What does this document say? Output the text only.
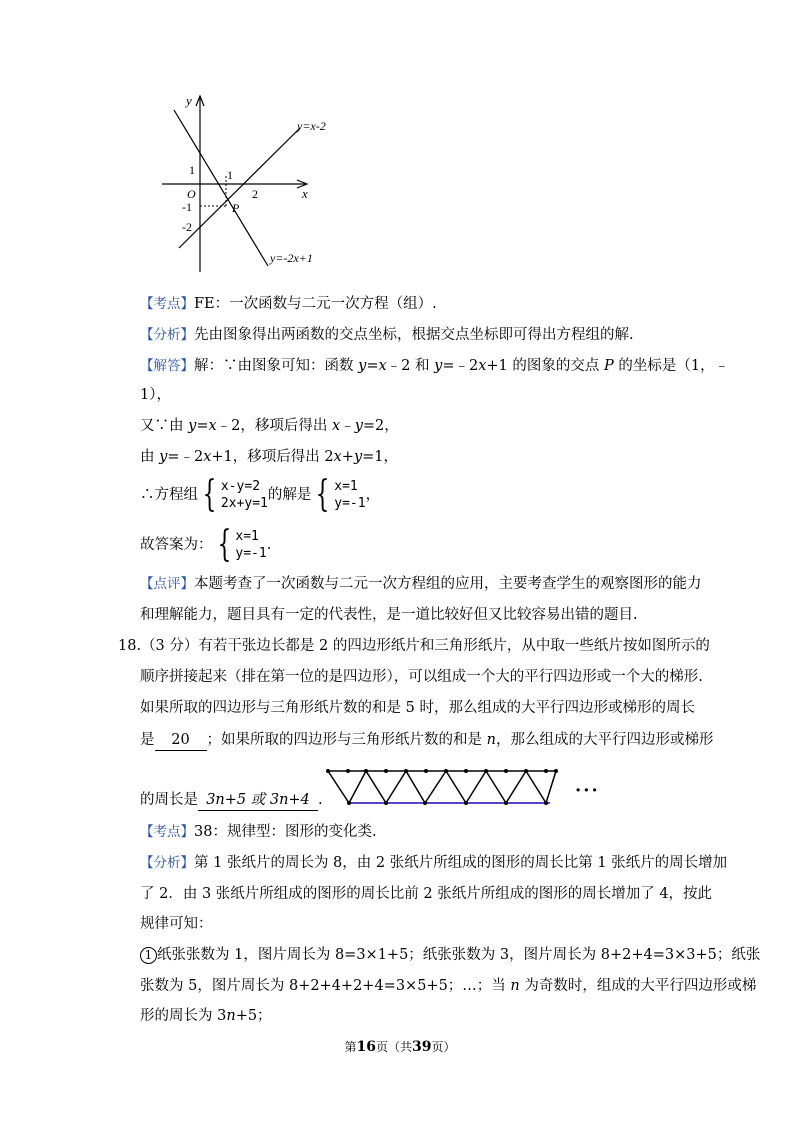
y
x
O
1	1
2
-1
-2
P
y=x-2
y=-2x+1
【考点】FE：一次函数与二元一次方程（组）.
【分析】先由图象得出两函数的交点坐标，根据交点坐标即可得出方程组的解.
【解答】解：∵由图象可知：函数 y=x﹣2 和 y=﹣2x+1 的图象的交点 P 的坐标是（1，﹣
1），
又∵由 y=x﹣2，移项后得出 x﹣y=2，
由 y=﹣2x+1，移项后得出 2x+y=1，
∴方程组 { x-y=2
2x+y=1
的解是 { x=1
y=-1
，
故答案为： { x=1
y=-1
.
【点评】本题考查了一次函数与二元一次方程组的应用，主要考查学生的观察图形的能力
和理解能力，题目具有一定的代表性，是一道比较好但又比较容易出错的题目.
18.（3 分）有若干张边长都是 2 的四边形纸片和三角形纸片，从中取一些纸片按如图所示的
顺序拼接起来（排在第一位的是四边形），可以组成一个大的平行四边形或一个大的梯形.
如果所取的四边形与三角形纸片数的和是 5 时，那么组成的大平行四边形或梯形的周长
是 20 ；如果所取的四边形与三角形纸片数的和是 n，那么组成的大平行四边形或梯形
的周长是 3n+5 或 3n+4 .	···
【考点】38：规律型：图形的变化类.
【分析】第 1 张纸片的周长为 8，由 2 张纸片所组成的图形的周长比第 1 张纸片的周长增加
了 2．由 3 张纸片所组成的图形的周长比前 2 张纸片所组成的图形的周长增加了 4，按此
规律可知：
1 纸张张数为 1，图片周长为 8=3×1+5；纸张张数为 3，图片周长为 8+2+4=3×3+5；纸张
张数为 5，图片周长为 8+2+4+2+4=3×5+5；…；当 n 为奇数时，组成的大平行四边形或梯
形的周长为 3n+5；
第16页（共39页）
